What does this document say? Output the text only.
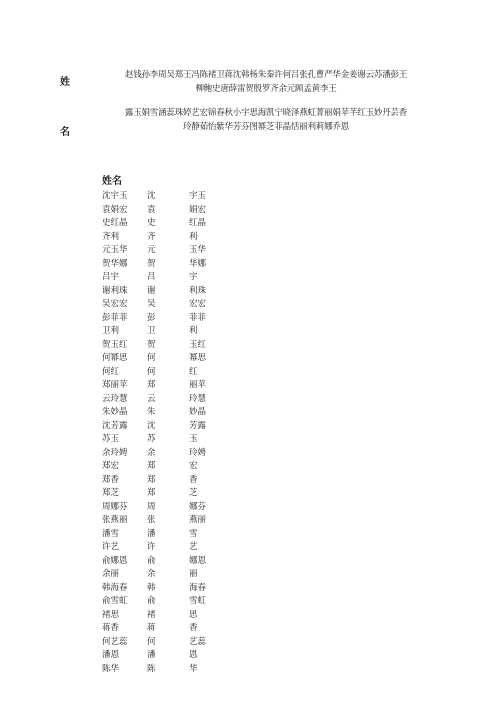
姓
赵钱孙李周吴郑王冯陈褚卫蒋沈韩杨朱秦许何吕张孔曹严华金姜谢云苏潘彭王
柳鲍史唐薛雷贺殷罗齐余元顾孟黄李王
名
露玉娟雪涵蕊珠婷艺宏锦春秋小宇思海凯宁晓泽燕虹菁丽娟苹芊红玉妙丹芸香
玲静茹怡紫华芳芬图幂芝菲晶恬丽利莉娜乔恩
姓名
沈宇玉	沈	宇玉
袁娟宏	袁	娟宏
史红晶	史	红晶
齐利	齐	利
元玉华	元	玉华
贺华娜	贺	华娜
吕宇	吕	宇
谢利珠	谢	利珠
吴宏宏	吴	宏宏
彭菲菲	彭	菲菲
卫利	卫	利
贺玉红	贺	玉红
何幂思	何	幂思
何红	何	红
郑丽苹	郑	丽苹
云玲慧	云	玲慧
朱妙晶	朱	妙晶
沈芳露	沈	芳露
苏玉	苏	玉
余玲娉	余	玲娉
郑宏	郑	宏
郑香	郑	香
郑芝	郑	芝
周娜芬	周	娜芬
张燕丽	张	燕丽
潘雪	潘	雪
许艺	许	艺
俞娜恩	俞	娜恩
余丽	余	丽
韩海春	韩	海春
俞雪虹	俞	雪虹
褚思	褚	思
蒋香	蒋	香
何艺蕊	何	艺蕊
潘恩	潘	恩
陈华	陈	华
